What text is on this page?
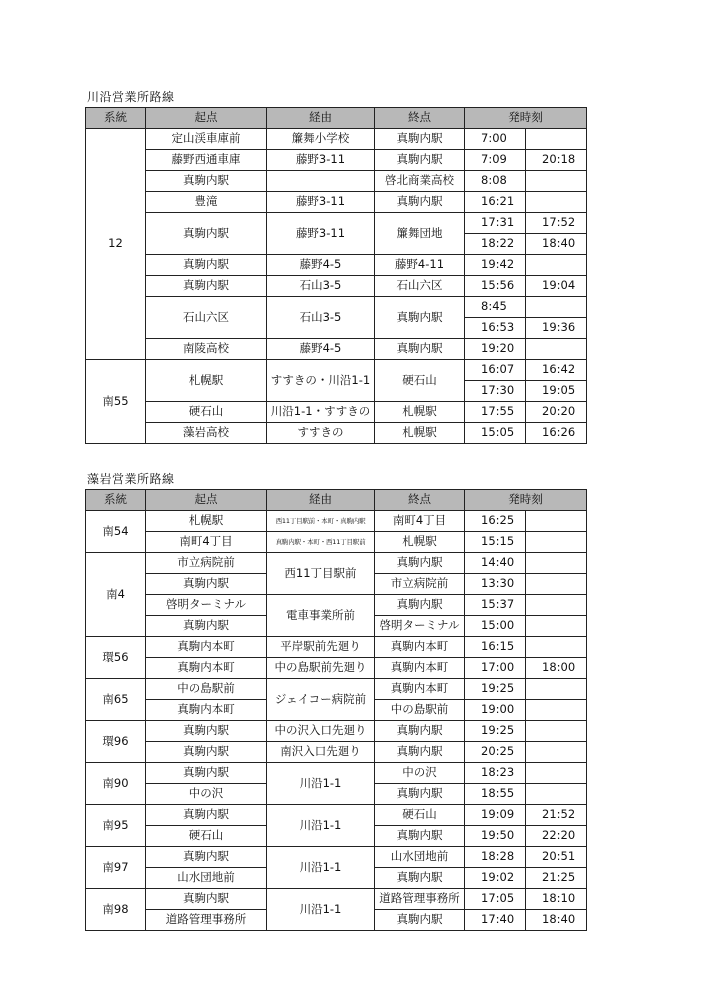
川沿営業所路線
系統	起点	経由	終点	発時刻	
12	定山渓車庫前	簾舞小学校	真駒内駅	7:00	
	藤野西通車庫	藤野3-11	真駒内駅	7:09	20:18
	真駒内駅		啓北商業高校	8:08	
	豊滝	藤野3-11	真駒内駅	16:21	
	真駒内駅	藤野3-11	簾舞団地	17:31	17:52
				18:22	18:40
	真駒内駅	藤野4-5	藤野4-11	19:42	
	真駒内駅	石山3-5	石山六区	15:56	19:04
	石山六区	石山3-5	真駒内駅	8:45	
				16:53	19:36
	南陵高校	藤野4-5	真駒内駅	19:20	
南55	札幌駅	すすきの・川沿1-1	硬石山	16:07	16:42
				17:30	19:05
	硬石山	川沿1-1・すすきの	札幌駅	17:55	20:20
	藻岩高校	すすきの	札幌駅	15:05	16:26
藻岩営業所路線
系統	起点	経由	終点	発時刻	
南54	札幌駅	西11丁目駅前・本町・真駒内駅	南町4丁目	16:25	
	南町4丁目	真駒内駅・本町・西11丁目駅前	札幌駅	15:15	
南4	市立病院前	西11丁目駅前	真駒内駅	14:40	
	真駒内駅		市立病院前	13:30	
	啓明ターミナル	電車事業所前	真駒内駅	15:37	
	真駒内駅		啓明ターミナル	15:00	
環56	真駒内本町	平岸駅前先廻り	真駒内本町	16:15	
	真駒内本町	中の島駅前先廻り	真駒内本町	17:00	18:00
南65	中の島駅前	ジェイコー病院前	真駒内本町	19:25	
	真駒内本町		中の島駅前	19:00	
環96	真駒内駅	中の沢入口先廻り	真駒内駅	19:25	
	真駒内駅	南沢入口先廻り	真駒内駅	20:25	
南90	真駒内駅	川沿1-1	中の沢	18:23	
	中の沢		真駒内駅	18:55	
南95	真駒内駅	川沿1-1	硬石山	19:09	21:52
	硬石山		真駒内駅	19:50	22:20
南97	真駒内駅	川沿1-1	山水団地前	18:28	20:51
	山水団地前		真駒内駅	19:02	21:25
南98	真駒内駅	川沿1-1	道路管理事務所	17:05	18:10
	道路管理事務所		真駒内駅	17:40	18:40
